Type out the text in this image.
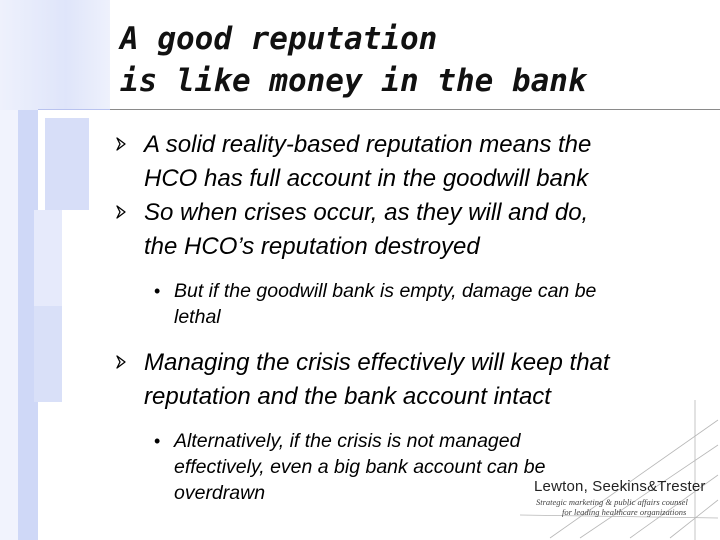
A good reputation
is like money in the bank
A solid reality-based reputation means the
HCO has full account in the goodwill bank
So when crises occur, as they will and do,
the HCO’s reputation destroyed
• But if the goodwill bank is empty, damage can be
lethal
Managing the crisis effectively will keep that
reputation and the bank account intact
• Alternatively, if the crisis is not managed
effectively, even a big bank account can be
overdrawn	Lewton, Seekins&Trester

Strategic marketing & public affairs counsel
for leading healthcare organizations
